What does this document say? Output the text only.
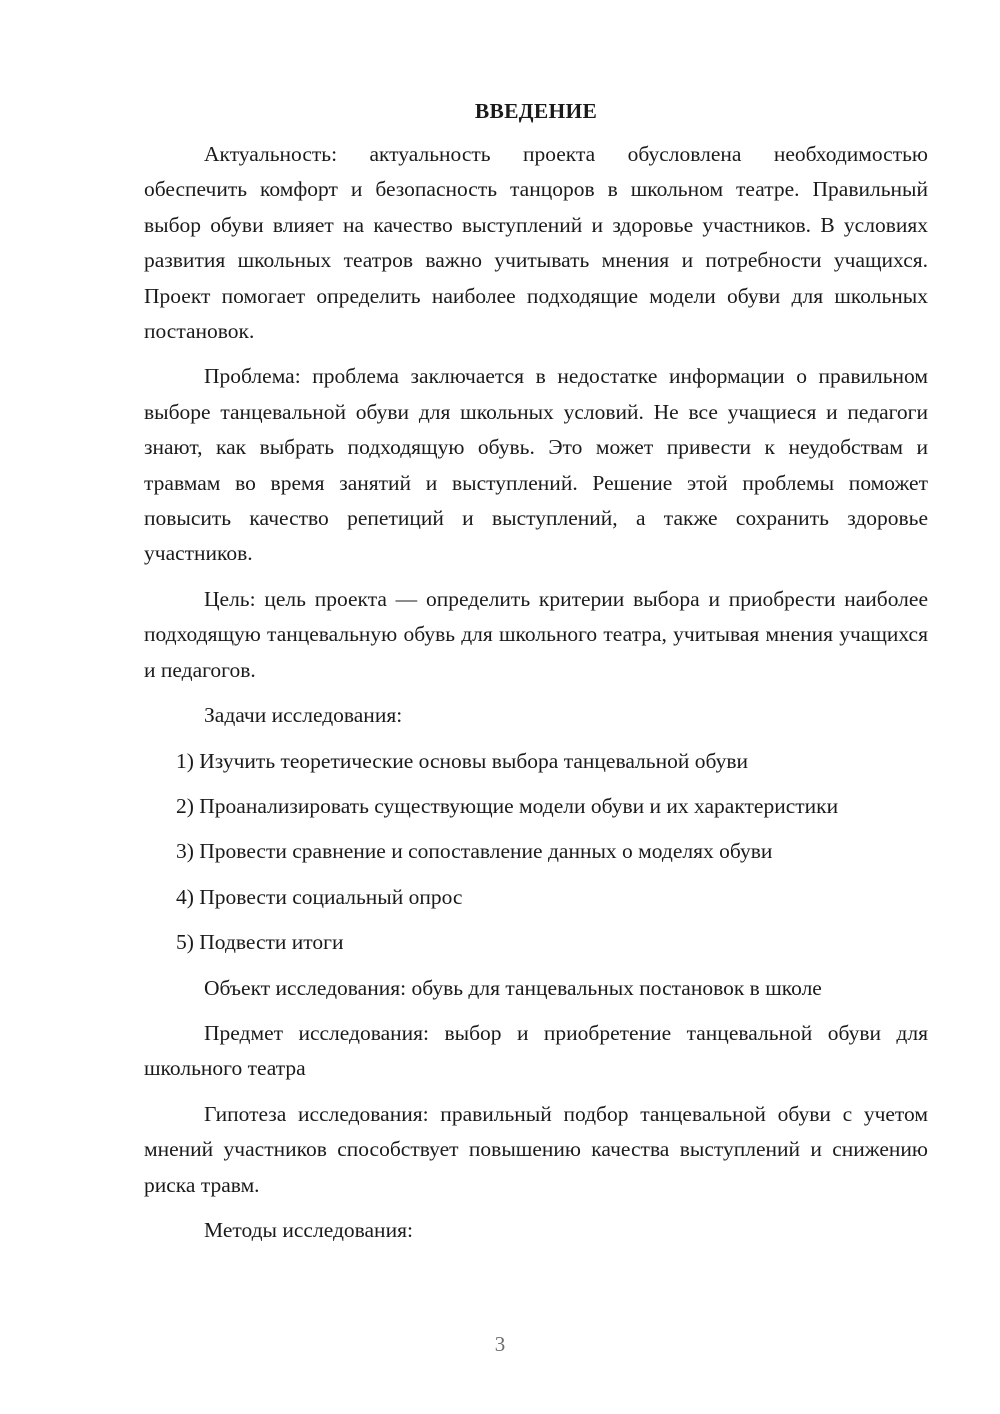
ВВЕДЕНИЕ
Актуальность: актуальность проекта обусловлена необходимостью обеспечить комфорт и безопасность танцоров в школьном театре. Правильный выбор обуви влияет на качество выступлений и здоровье участников. В условиях развития школьных театров важно учитывать мнения и потребности учащихся. Проект помогает определить наиболее подходящие модели обуви для школьных постановок.
Проблема: проблема заключается в недостатке информации о правильном выборе танцевальной обуви для школьных условий. Не все учащиеся и педагоги знают, как выбрать подходящую обувь. Это может привести к неудобствам и травмам во время занятий и выступлений. Решение этой проблемы поможет повысить качество репетиций и выступлений, а также сохранить здоровье участников.
Цель: цель проекта — определить критерии выбора и приобрести наиболее подходящую танцевальную обувь для школьного театра, учитывая мнения учащихся и педагогов.
Задачи исследования:
1) Изучить теоретические основы выбора танцевальной обуви
2) Проанализировать существующие модели обуви и их характеристики
3) Провести сравнение и сопоставление данных о моделях обуви
4) Провести социальный опрос
5) Подвести итоги
Объект исследования: обувь для танцевальных постановок в школе
Предмет исследования: выбор и приобретение танцевальной обуви для школьного театра
Гипотеза исследования: правильный подбор танцевальной обуви с учетом мнений участников способствует повышению качества выступлений и снижению риска травм.
Методы исследования:
3
